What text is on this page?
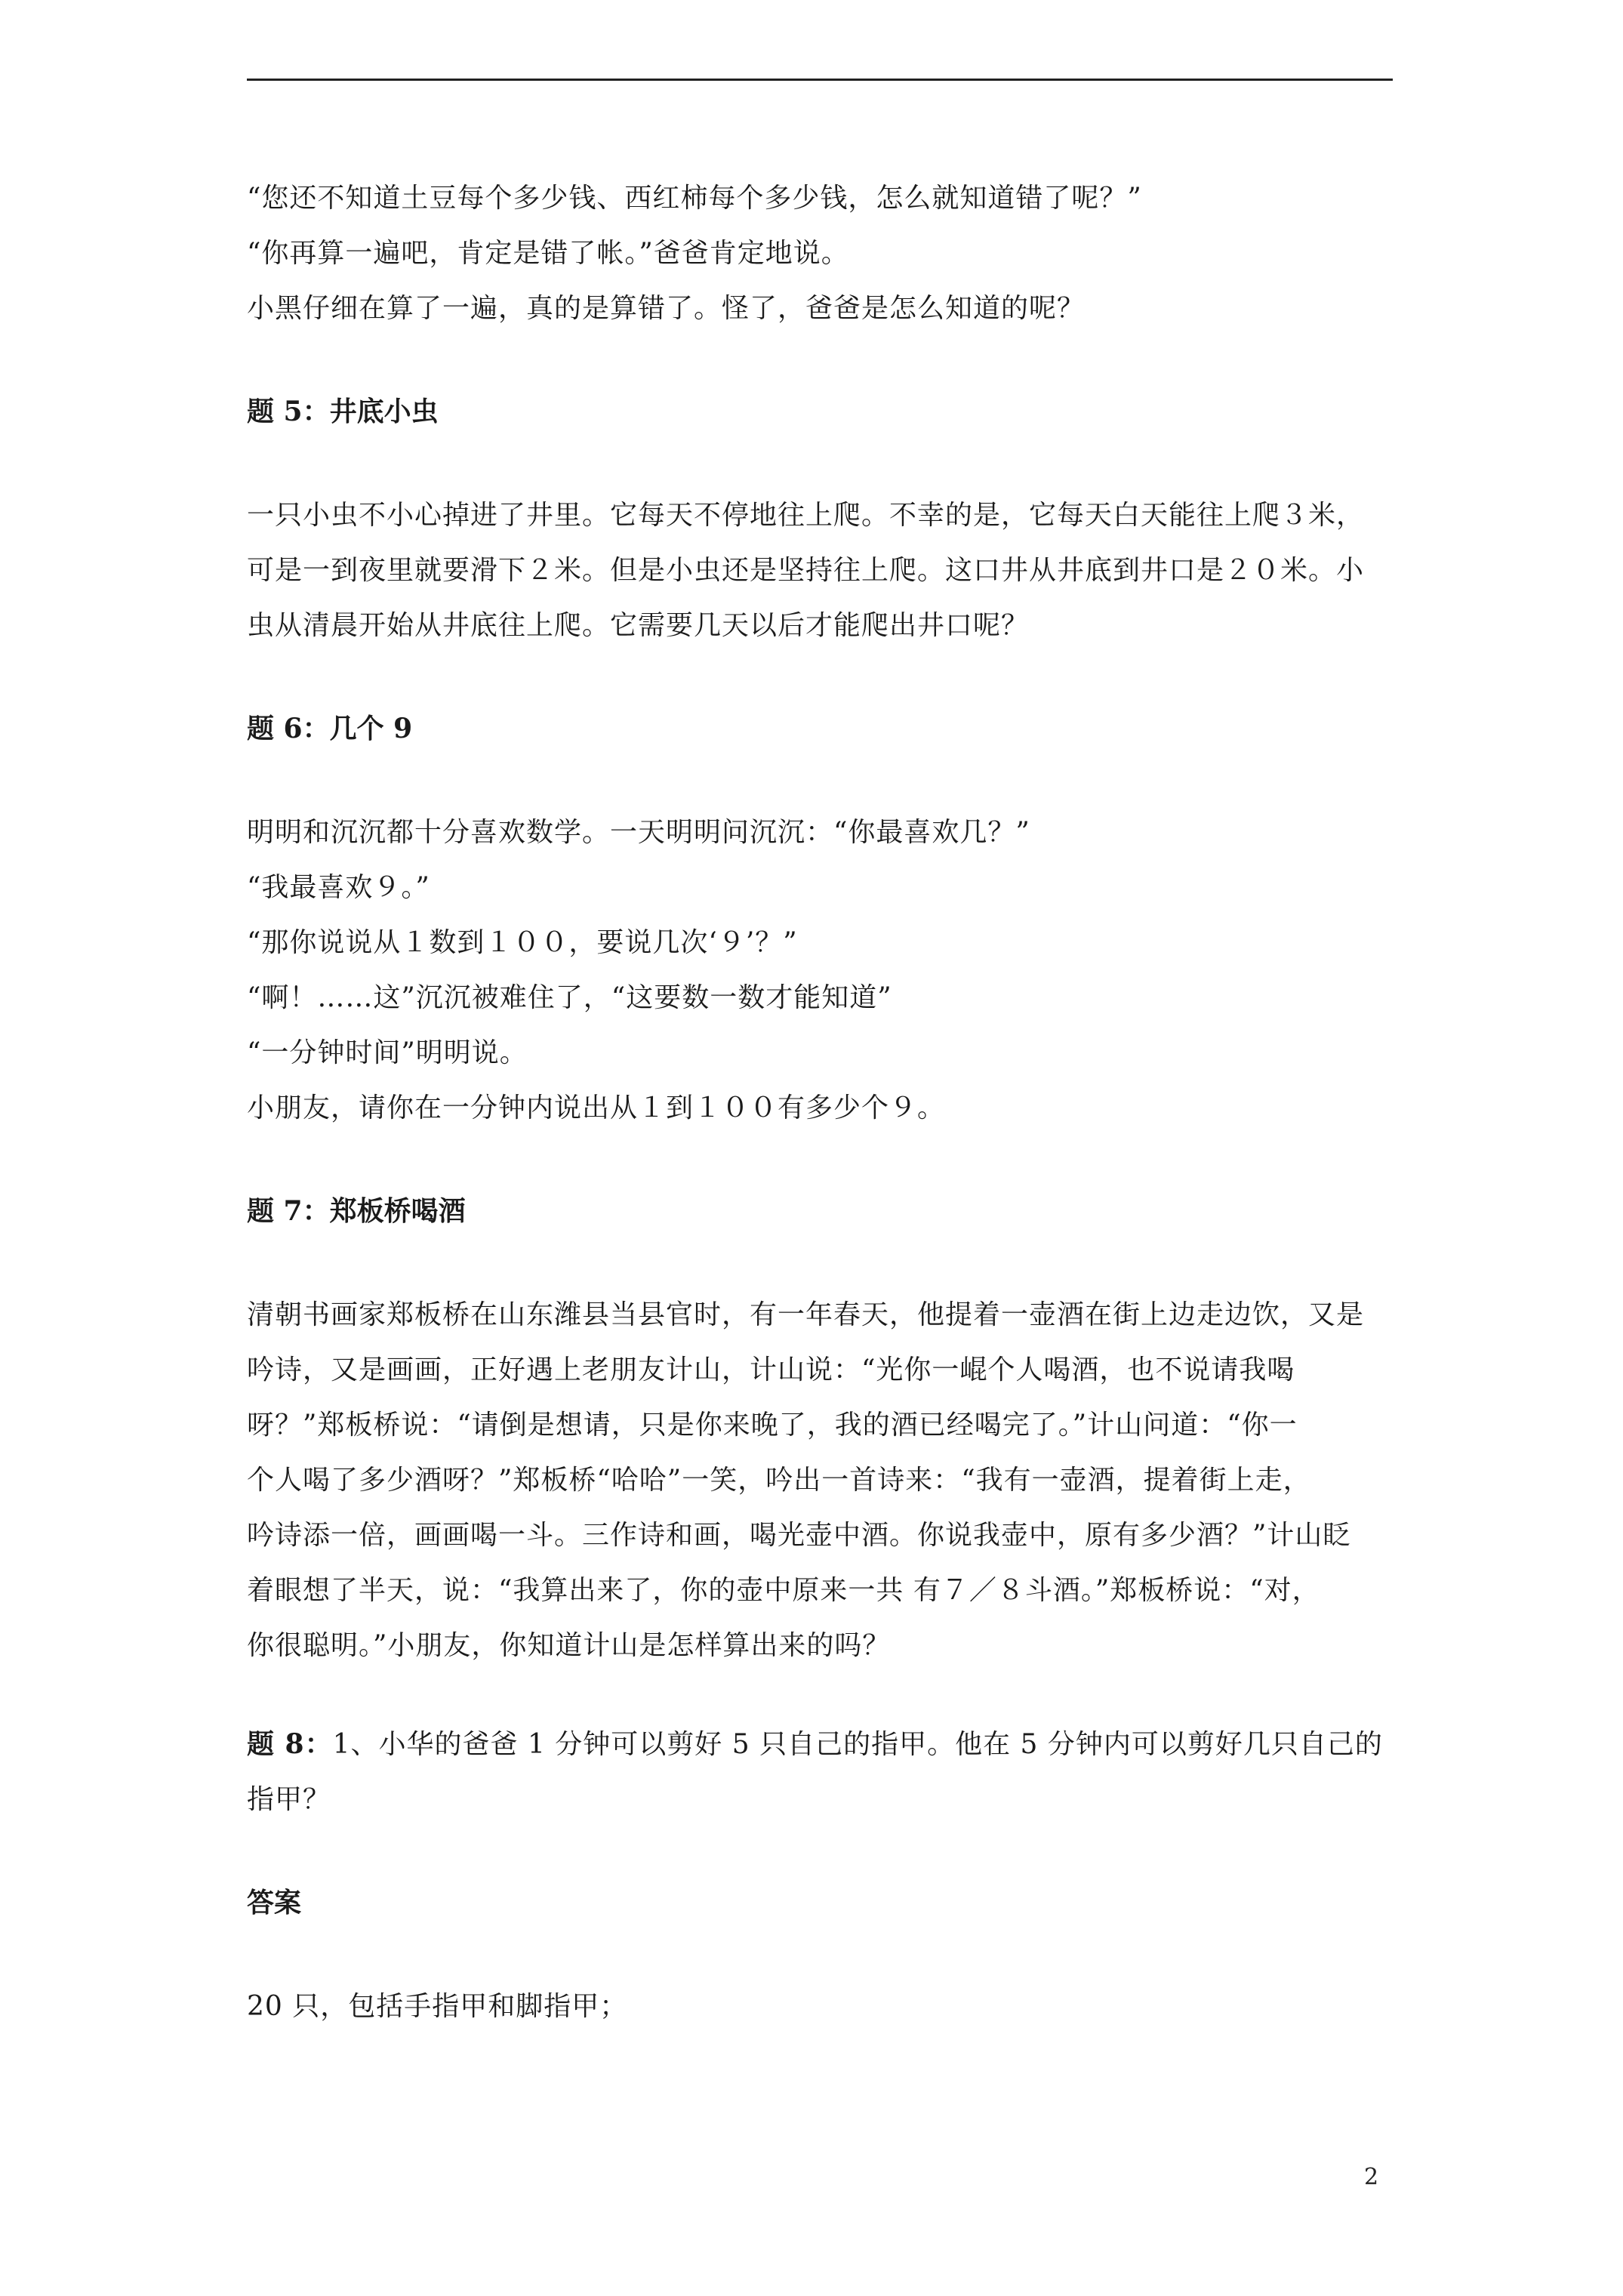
“您还不知道土豆每个多少钱、西红柿每个多少钱，怎么就知道错了呢？”

“你再算一遍吧，肯定是错了帐。”爸爸肯定地说。

小黑仔细在算了一遍，真的是算错了。怪了，爸爸是怎么知道的呢？

题 5：井底小虫

一只小虫不小心掉进了井里。它每天不停地往上爬。不幸的是，它每天白天能往上爬３米，

可是一到夜里就要滑下２米。但是小虫还是坚持往上爬。这口井从井底到井口是２０米。小

虫从清晨开始从井底往上爬。它需要几天以后才能爬出井口呢？

题 6：几个 9

明明和沉沉都十分喜欢数学。一天明明问沉沉：“你最喜欢几？”

“我最喜欢９。”

“那你说说从１数到１００，要说几次‘９’？”

“啊！……这”沉沉被难住了，“这要数一数才能知道”

“一分钟时间”明明说。

小朋友，请你在一分钟内说出从１到１００有多少个９。

题 7：郑板桥喝酒

清朝书画家郑板桥在山东潍县当县官时，有一年春天，他提着一壶酒在街上边走边饮，又是

吟诗，又是画画，正好遇上老朋友计山，计山说：“光你一崐个人喝酒，也不说请我喝

呀？”郑板桥说：“请倒是想请，只是你来晚了，我的酒已经喝完了。”计山问道：“你一

个人喝了多少酒呀？”郑板桥“哈哈”一笑，吟出一首诗来：“我有一壶酒，提着街上走，

吟诗添一倍，画画喝一斗。三作诗和画，喝光壶中酒。你说我壶中，原有多少酒？”计山眨

着眼想了半天，说：“我算出来了，你的壶中原来一共 有７／８斗酒。”郑板桥说：“对，

你很聪明。”小朋友，你知道计山是怎样算出来的吗？

题 8：1、小华的爸爸 1 分钟可以剪好 5 只自己的指甲。他在 5 分钟内可以剪好几只自己的

指甲？

答案

20 只，包括手指甲和脚指甲；

2
